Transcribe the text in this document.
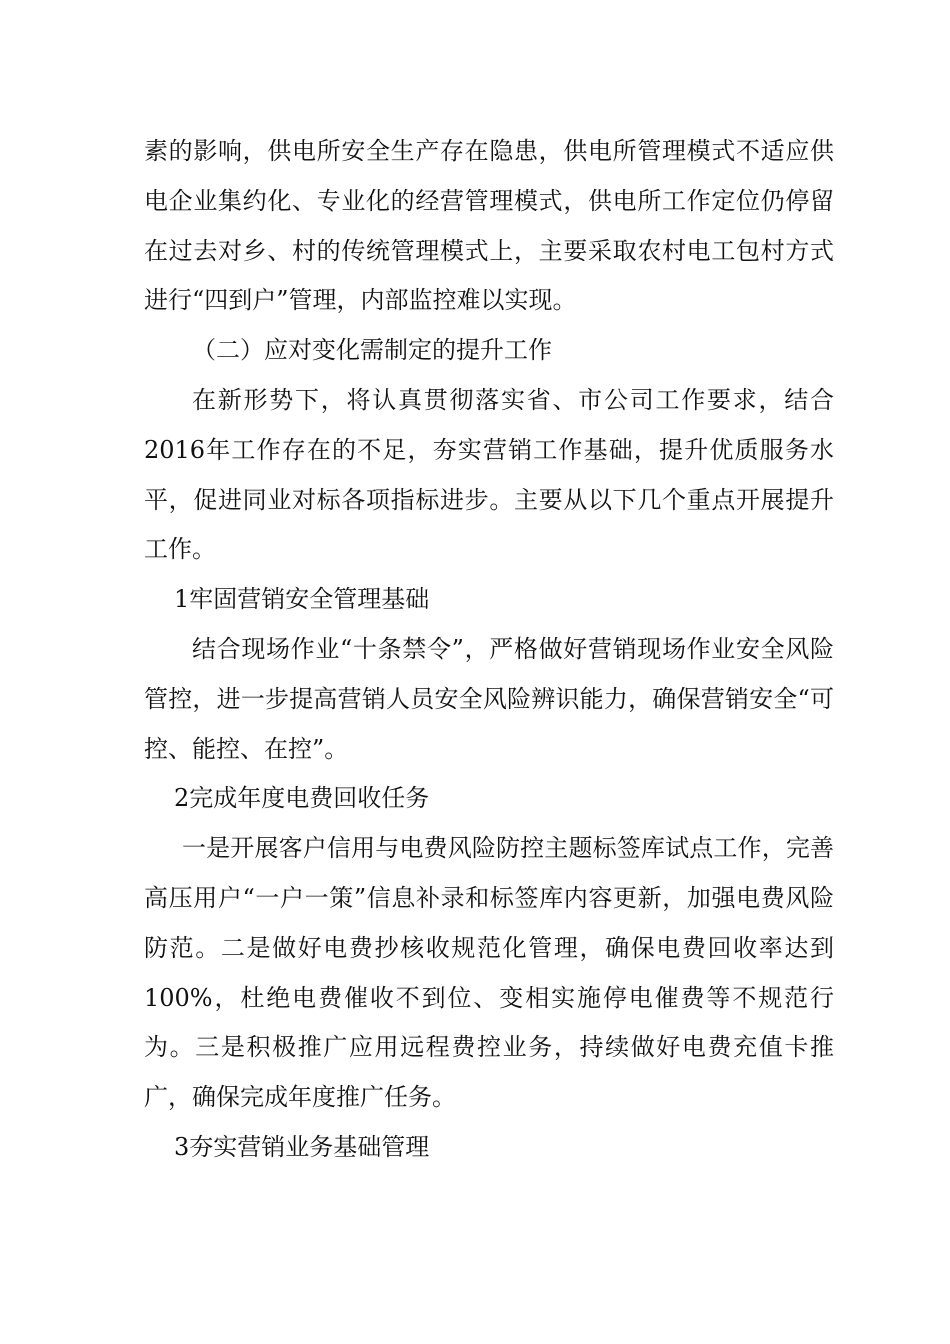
素的影响，供电所安全生产存在隐患，供电所管理模式不适应供电企业集约化、专业化的经营管理模式，供电所工作定位仍停留在过去对乡、村的传统管理模式上，主要采取农村电工包村方式进行“四到户”管理，内部监控难以实现。

（二）应对变化需制定的提升工作

在新形势下，将认真贯彻落实省、市公司工作要求，结合2016年工作存在的不足，夯实营销工作基础，提升优质服务水平，促进同业对标各项指标进步。主要从以下几个重点开展提升工作。

1牢固营销安全管理基础

结合现场作业“十条禁令”，严格做好营销现场作业安全风险管控，进一步提高营销人员安全风险辨识能力，确保营销安全“可控、能控、在控”。

2完成年度电费回收任务

一是开展客户信用与电费风险防控主题标签库试点工作，完善高压用户“一户一策”信息补录和标签库内容更新，加强电费风险防范。二是做好电费抄核收规范化管理，确保电费回收率达到100%，杜绝电费催收不到位、变相实施停电催费等不规范行为。三是积极推广应用远程费控业务，持续做好电费充值卡推广，确保完成年度推广任务。

3夯实营销业务基础管理
